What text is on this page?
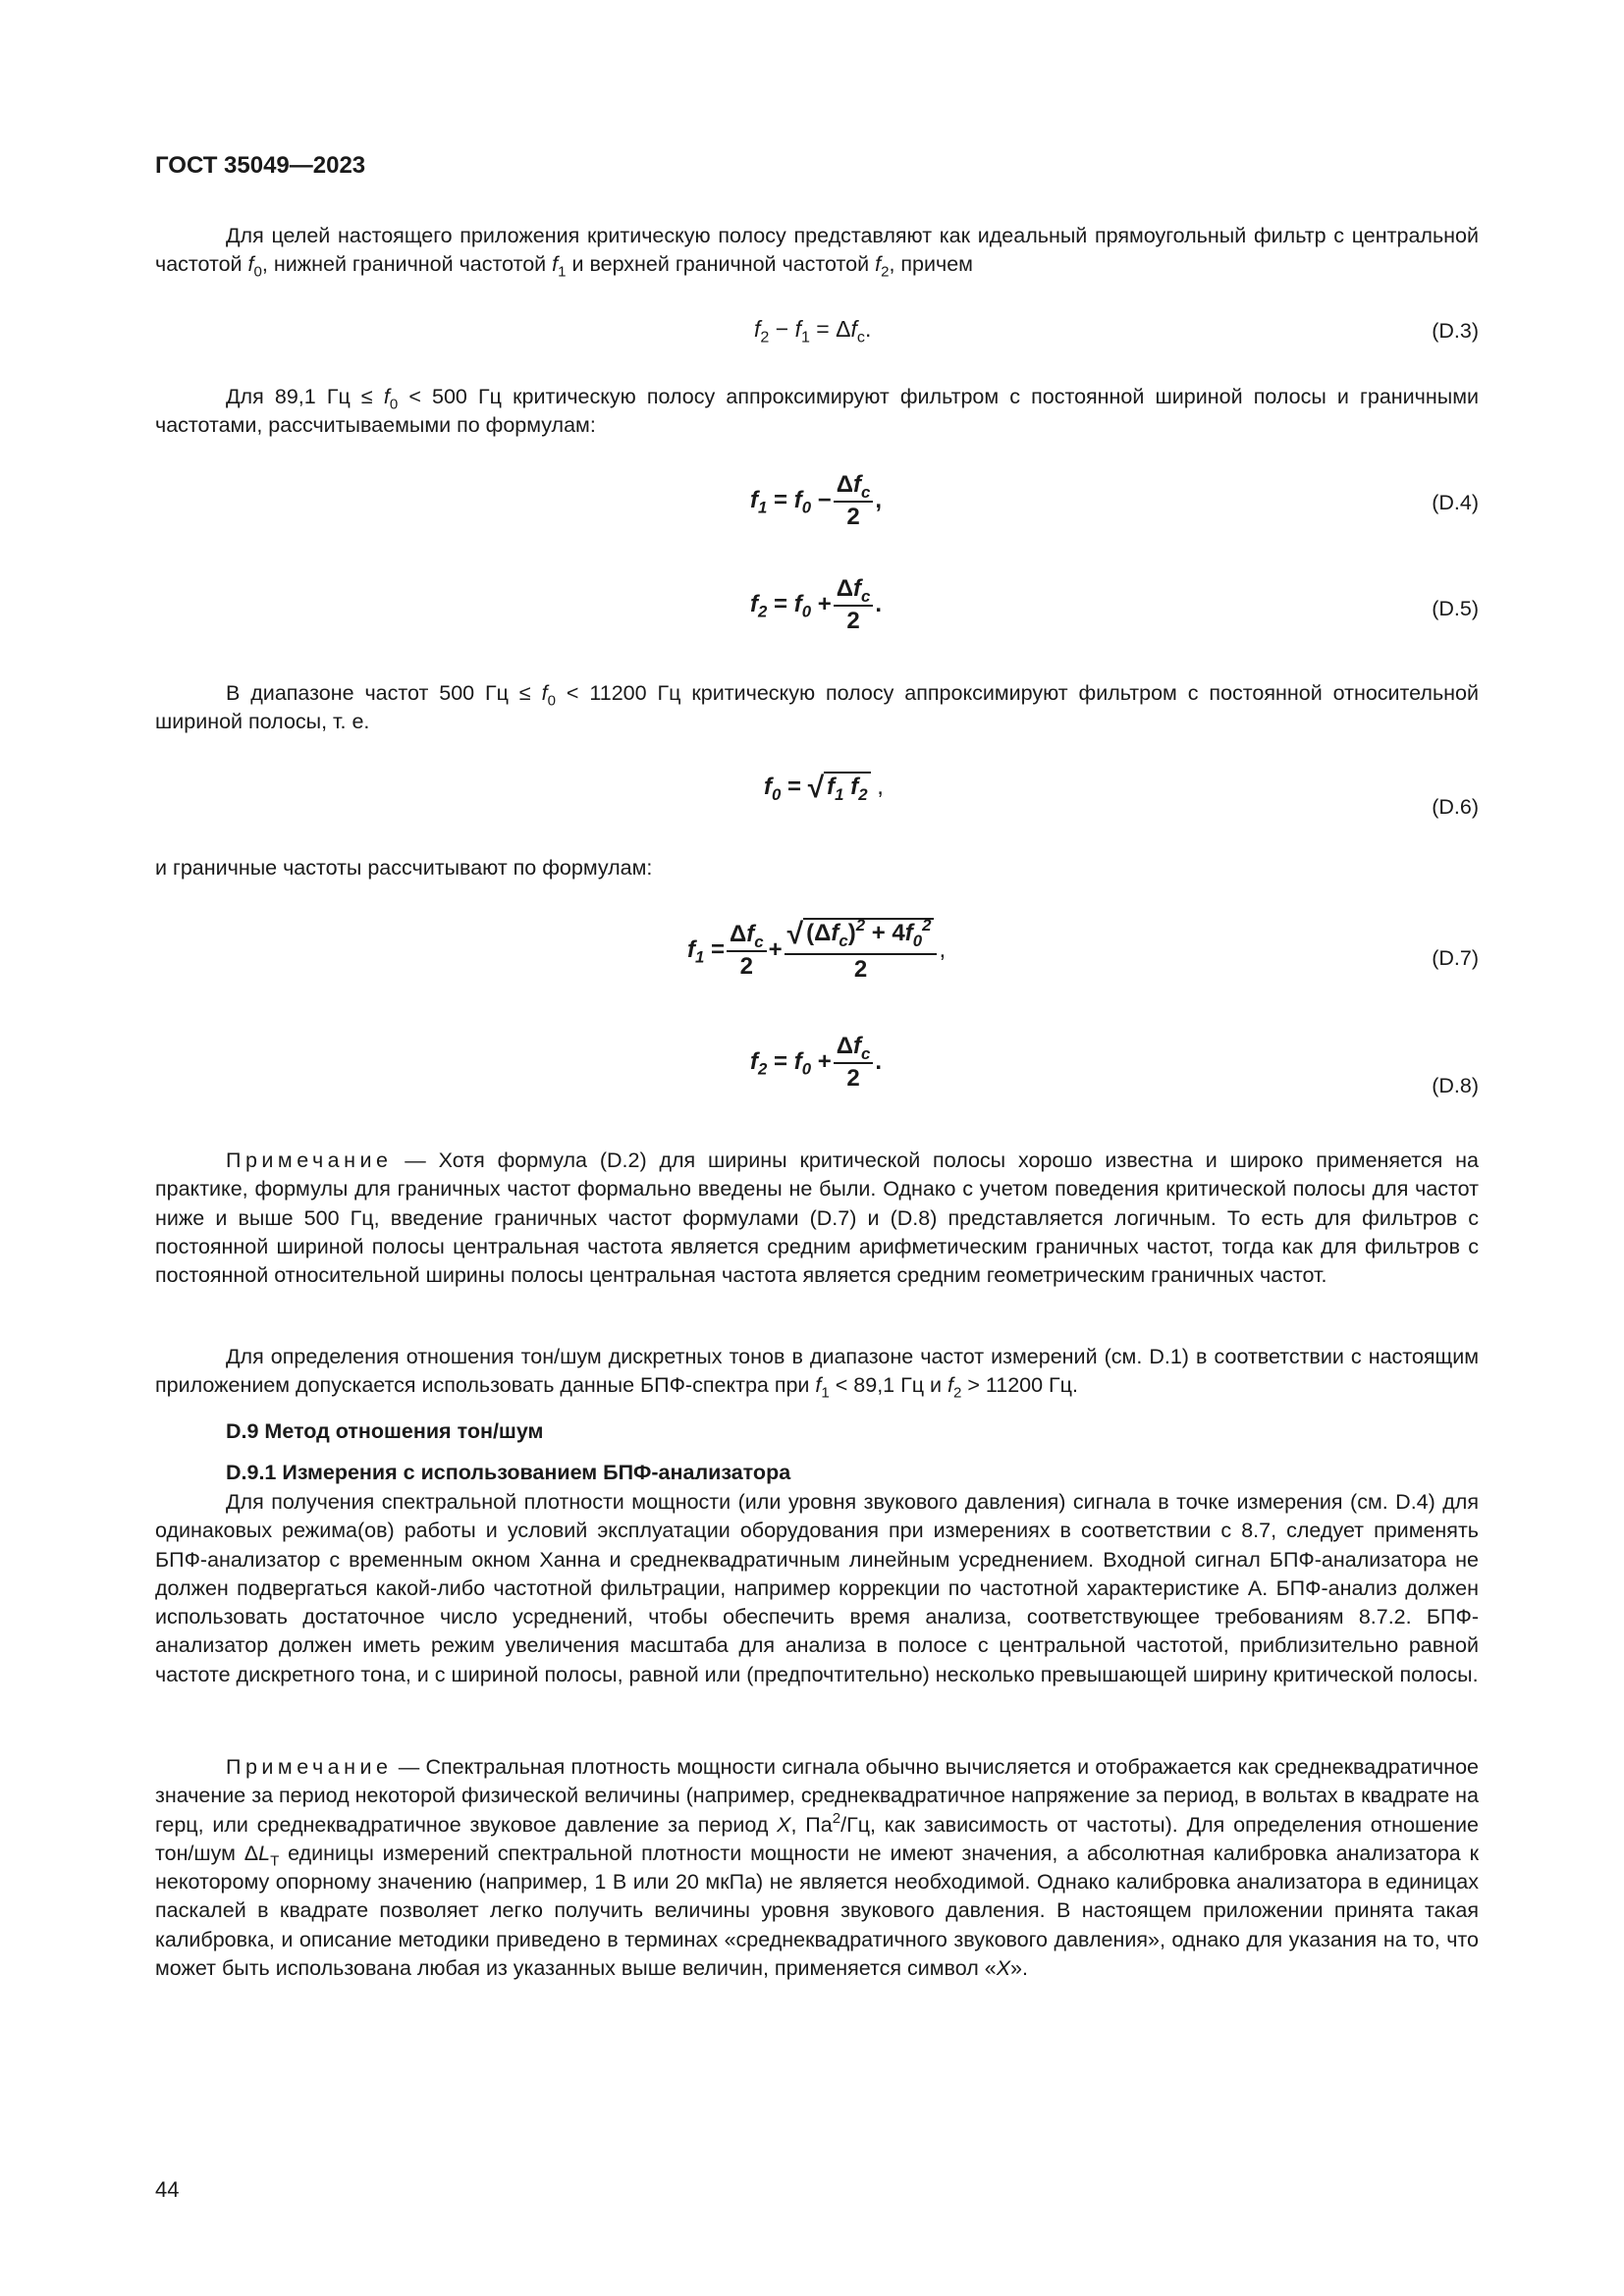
ГОСТ 35049—2023
Для целей настоящего приложения критическую полосу представляют как идеальный прямоугольный фильтр с центральной частотой $f_0$, нижней граничной частотой $f_1$ и верхней граничной частотой $f_2$, причем
$f_2 - f_1 = \Delta f_c$.	(D.3)
Для 89,1 Гц ≤ $f_0 < 500$ Гц критическую полосу аппроксимируют фильтром с постоянной шириной полосы и граничными частотами, рассчитываемыми по формулам:
$f_1 = f_0 - \frac{\Delta f_c}{2}$ ,	(D.4)
$f_2 = f_0 + \frac{\Delta f_c}{2}$ .	(D.5)
В диапазоне частот 500 Гц ≤ $f_0 < 11200$ Гц критическую полосу аппроксимируют фильтром с постоянной относительной шириной полосы, т. е.
$f_0$ = √ $f_1$ $f_2$ ,
(D.6)
и граничные частоты рассчитывают по формулам:
$f_1 = \frac{\Delta f_c}{2} + \frac{√ (\Delta f_c)^2 + 4f_0^2}{2}$ ,	(D.7)
$f_2 = f_0 + \frac{\Delta f_c}{2}$ .
(D.8)
Примечание — Хотя формула (D.2) для ширины критической полосы хорошо известна и широко применяется на практике, формулы для граничных частот формально введены не были. Однако с учетом поведения критической полосы для частот ниже и выше 500 Гц, введение граничных частот формулами (D.7) и (D.8) представляется логичным. То есть для фильтров с постоянной шириной полосы центральная частота является средним арифметическим граничных частот, тогда как для фильтров с постоянной относительной ширины полосы центральная частота является средним геометрическим граничных частот.
Для определения отношения тон/шум дискретных тонов в диапазоне частот измерений (см. D.1) в соответствии с настоящим приложением допускается использовать данные БПФ-спектра при $f_1 < 89,1$ Гц и $f_2 > 11200$ Гц.
D.9 Метод отношения тон/шум
D.9.1 Измерения с использованием БПФ-анализатора
Для получения спектральной плотности мощности (или уровня звукового давления) сигнала в точке измерения (см. D.4) для одинаковых режима(ов) работы и условий эксплуатации оборудования при измерениях в соответствии с 8.7, следует применять БПФ-анализатор с временным окном Ханна и среднеквадратичным линейным усреднением. Входной сигнал БПФ-анализатора не должен подвергаться какой-либо частотной фильтрации, например коррекции по частотной характеристике А. БПФ-анализ должен использовать достаточное число усреднений, чтобы обеспечить время анализа, соответствующее требованиям 8.7.2. БПФ-анализатор должен иметь режим увеличения масштаба для анализа в полосе с центральной частотой, приблизительно равной частоте дискретного тона, и с шириной полосы, равной или (предпочтительно) несколько превышающей ширину критической полосы.
Примечание — Спектральная плотность мощности сигнала обычно вычисляется и отображается как среднеквадратичное значение за период некоторой физической величины (например, среднеквадратичное напряжение за период, в вольтах в квадрате на герц, или среднеквадратичное звуковое давление за период X, $Па^2/Гц$, как зависимость от частоты). Для определения отношение тон/шум $\Delta L_T$ единицы измерений спектральной плотности мощности не имеют значения, а абсолютная калибровка анализатора к некоторому опорному значению (например, 1 В или 20 мкПа) не является необходимой. Однако калибровка анализатора в единицах паскалей в квадрате позволяет легко получить величины уровня звукового давления. В настоящем приложении принята такая калибровка, и описание методики приведено в терминах «среднеквадратичного звукового давления», однако для указания на то, что может быть использована любая из указанных выше величин, применяется символ «X».
44
